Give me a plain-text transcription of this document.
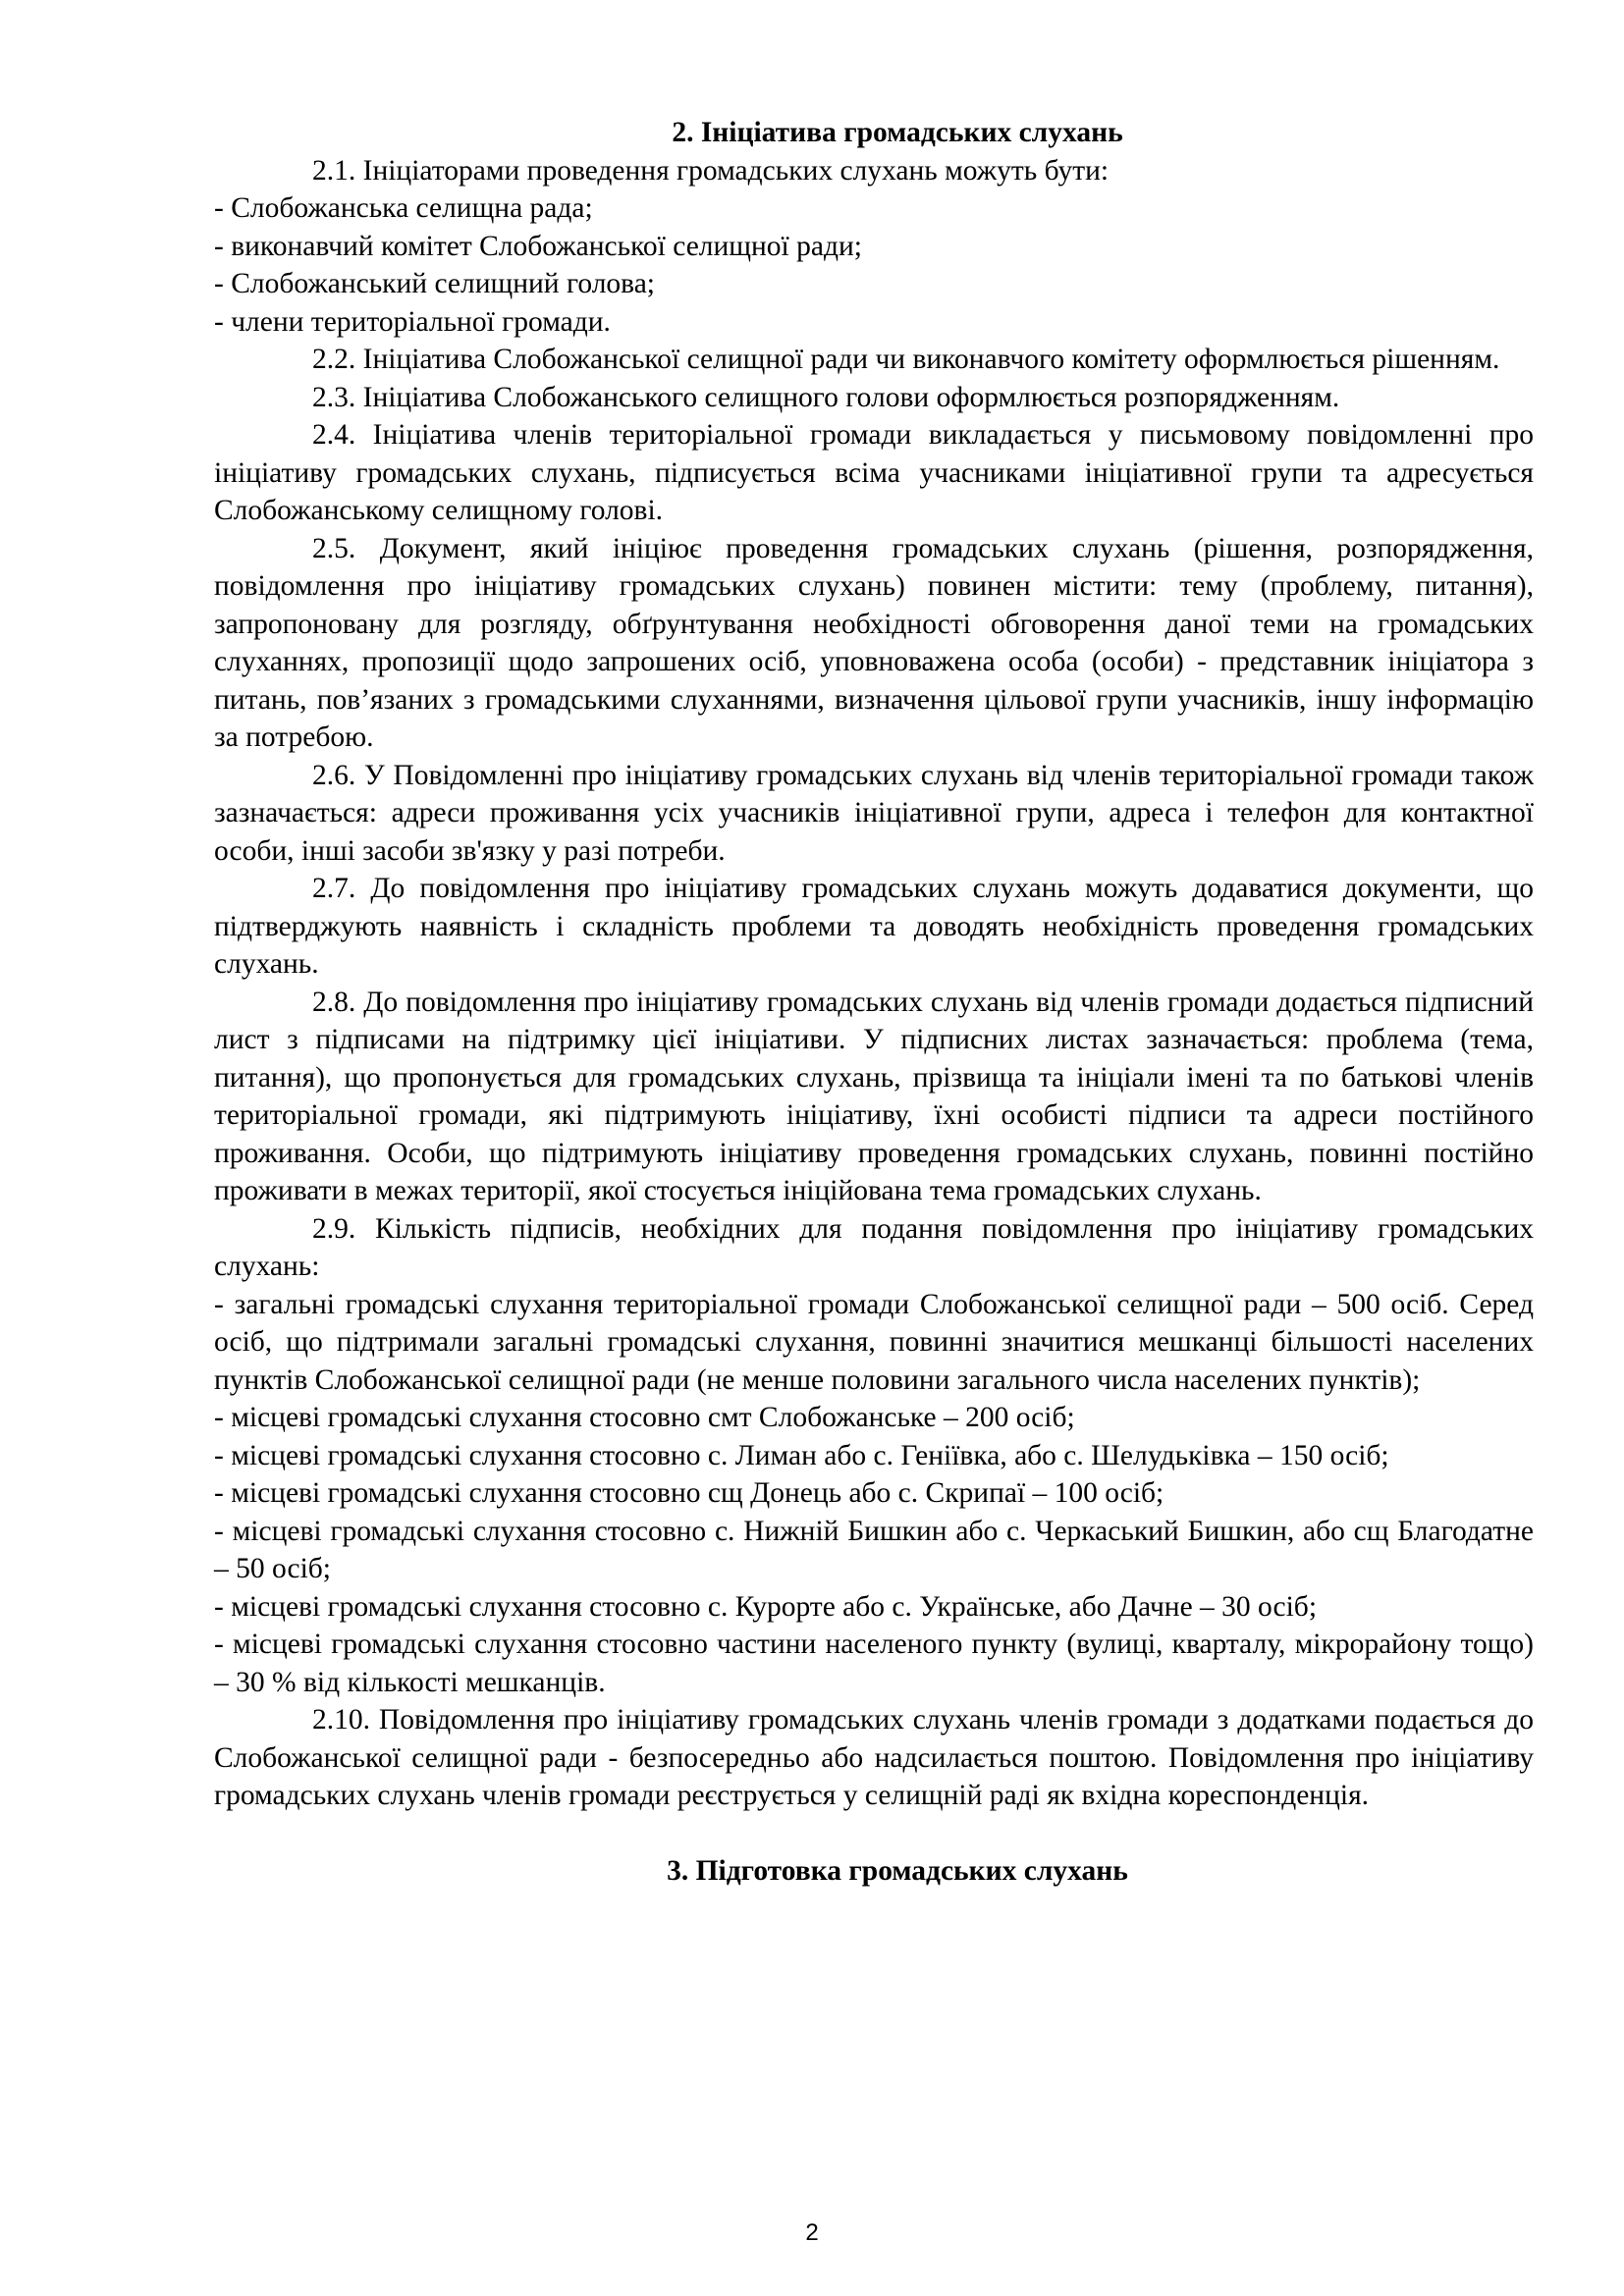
2. Ініціатива громадських слухань

2.1. Ініціаторами проведення громадських слухань можуть бути:

- Слобожанська селищна рада;

- виконавчий комітет Слобожанської селищної ради;

- Слобожанський селищний голова;

- члени територіальної громади.

2.2. Ініціатива Слобожанської селищної ради чи виконавчого комітету оформлюється рішенням.

2.3. Ініціатива Слобожанського селищного голови оформлюється розпорядженням.

2.4. Ініціатива членів територіальної громади викладається у письмовому повідомленні про ініціативу громадських слухань, підписується всіма учасниками ініціативної групи та адресується Слобожанському селищному голові.

2.5. Документ, який ініціює проведення громадських слухань (рішення, розпорядження, повідомлення про ініціативу громадських слухань) повинен містити: тему (проблему, питання), запропоновану для розгляду, обґрунтування необхідності обговорення даної теми на громадських слуханнях, пропозиції щодо запрошених осіб, уповноважена особа (особи) - представник ініціатора з питань, пов’язаних з громадськими слуханнями, визначення цільової групи учасників, іншу інформацію за потребою.

2.6. У Повідомленні про ініціативу громадських слухань від членів територіальної громади також зазначається: адреси проживання усіх учасників ініціативної групи, адреса і телефон для контактної особи, інші засоби зв'язку у разі потреби.

2.7. До повідомлення про ініціативу громадських слухань можуть додаватися документи, що підтверджують наявність і складність проблеми та доводять необхідність проведення громадських слухань.

2.8. До повідомлення про ініціативу громадських слухань від членів громади додається підписний лист з підписами на підтримку цієї ініціативи. У підписних листах зазначається: проблема (тема, питання), що пропонується для громадських слухань, прізвища та ініціали імені та по батькові членів територіальної громади, які підтримують ініціативу, їхні особисті підписи та адреси постійного проживання. Особи, що підтримують ініціативу проведення громадських слухань, повинні постійно проживати в межах території, якої стосується ініційована тема громадських слухань.

2.9. Кількість підписів, необхідних для подання повідомлення про ініціативу громадських слухань:

- загальні громадські слухання територіальної громади Слобожанської селищної ради – 500 осіб. Серед осіб, що підтримали загальні громадські слухання, повинні значитися мешканці більшості населених пунктів Слобожанської селищної ради (не менше половини загального числа населених пунктів);

- місцеві громадські слухання стосовно смт Слобожанське – 200 осіб;

- місцеві громадські слухання стосовно с. Лиман або с. Геніївка, або с. Шелудьківка – 150 осіб;

- місцеві громадські слухання стосовно сщ Донець або с. Скрипаї – 100 осіб;

- місцеві громадські слухання стосовно с. Нижній Бишкин або с. Черкаський Бишкин, або сщ Благодатне – 50 осіб;

- місцеві громадські слухання стосовно с. Курорте або с. Українське, або Дачне – 30 осіб;

- місцеві громадські слухання стосовно частини населеного пункту (вулиці, кварталу, мікрорайону тощо) – 30 % від кількості мешканців.

2.10. Повідомлення про ініціативу громадських слухань членів громади з додатками подається до Слобожанської селищної ради - безпосередньо або надсилається поштою. Повідомлення про ініціативу громадських слухань членів громади реєструється у селищній раді як вхідна кореспонденція.

3. Підготовка громадських слухань

2
